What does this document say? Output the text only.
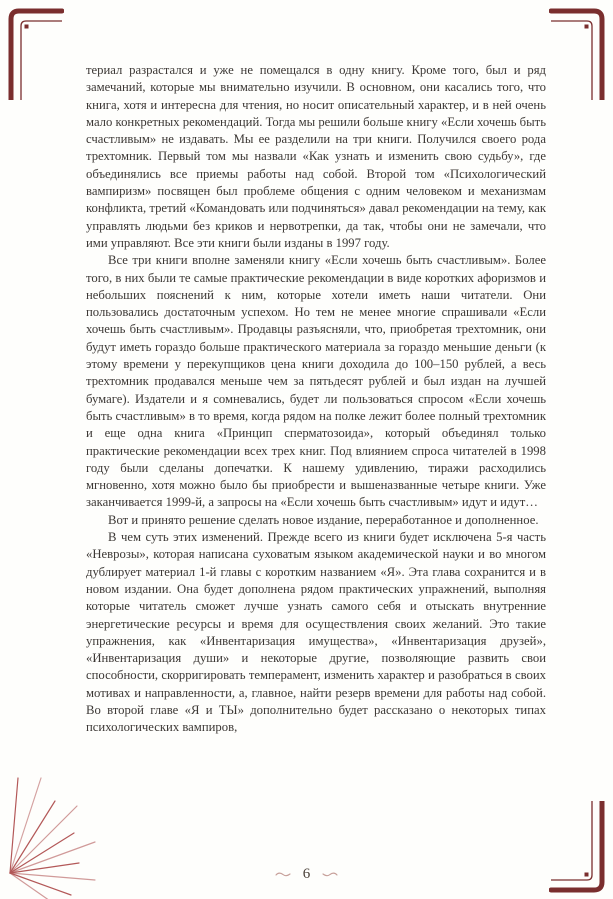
териал разрастался и уже не помещался в одну книгу. Кроме того, был и ряд замечаний, которые мы внимательно изучили. В основном, они касались того, что книга, хотя и интересна для чтения, но носит описательный характер, и в ней очень мало конкретных рекомендаций. Тогда мы решили больше книгу «Если хочешь быть счастливым» не издавать. Мы ее разделили на три книги. Получился своего рода трехтомник. Первый том мы назвали «Как узнать и изменить свою судьбу», где объединялись все приемы работы над собой. Второй том «Психологический вампиризм» посвящен был проблеме общения с одним человеком и механизмам конфликта, третий «Командовать или подчиняться» давал рекомендации на тему, как управлять людьми без криков и нервотрепки, да так, чтобы они не замечали, что ими управляют. Все эти книги были изданы в 1997 году.

Все три книги вполне заменяли книгу «Если хочешь быть счастливым». Более того, в них были те самые практические рекомендации в виде коротких афоризмов и небольших пояснений к ним, которые хотели иметь наши читатели. Они пользовались достаточным успехом. Но тем не менее многие спрашивали «Если хочешь быть счастливым». Продавцы разъясняли, что, приобретая трехтомник, они будут иметь гораздо больше практического материала за гораздо меньшие деньги (к этому времени у перекупщиков цена книги доходила до 100–150 рублей, а весь трехтомник продавался меньше чем за пятьдесят рублей и был издан на лучшей бумаге). Издатели и я сомневались, будет ли пользоваться спросом «Если хочешь быть счастливым» в то время, когда рядом на полке лежит более полный трехтомник и еще одна книга «Принцип сперматозоида», который объединял только практические рекомендации всех трех книг. Под влиянием спроса читателей в 1998 году были сделаны допечатки. К нашему удивлению, тиражи расходились мгновенно, хотя можно было бы приобрести и вышеназванные четыре книги. Уже заканчивается 1999-й, а запросы на «Если хочешь быть счастливым» идут и идут…

Вот и принято решение сделать новое издание, переработанное и дополненное.

В чем суть этих изменений. Прежде всего из книги будет исключена 5-я часть «Неврозы», которая написана суховатым языком академической науки и во многом дублирует материал 1-й главы с коротким названием «Я». Эта глава сохранится и в новом издании. Она будет дополнена рядом практических упражнений, выполняя которые читатель сможет лучше узнать самого себя и отыскать внутренние энергетические ресурсы и время для осуществления своих желаний. Это такие упражнения, как «Инвентаризация имущества», «Инвентаризация друзей», «Инвентаризация души» и некоторые другие, позволяющие развить свои способности, скорригировать темперамент, изменить характер и разобраться в своих мотивах и направленности, а, главное, найти резерв времени для работы над собой. Во второй главе «Я и ТЫ» дополнительно будет рассказано о некоторых типах психологических вампиров,

6
